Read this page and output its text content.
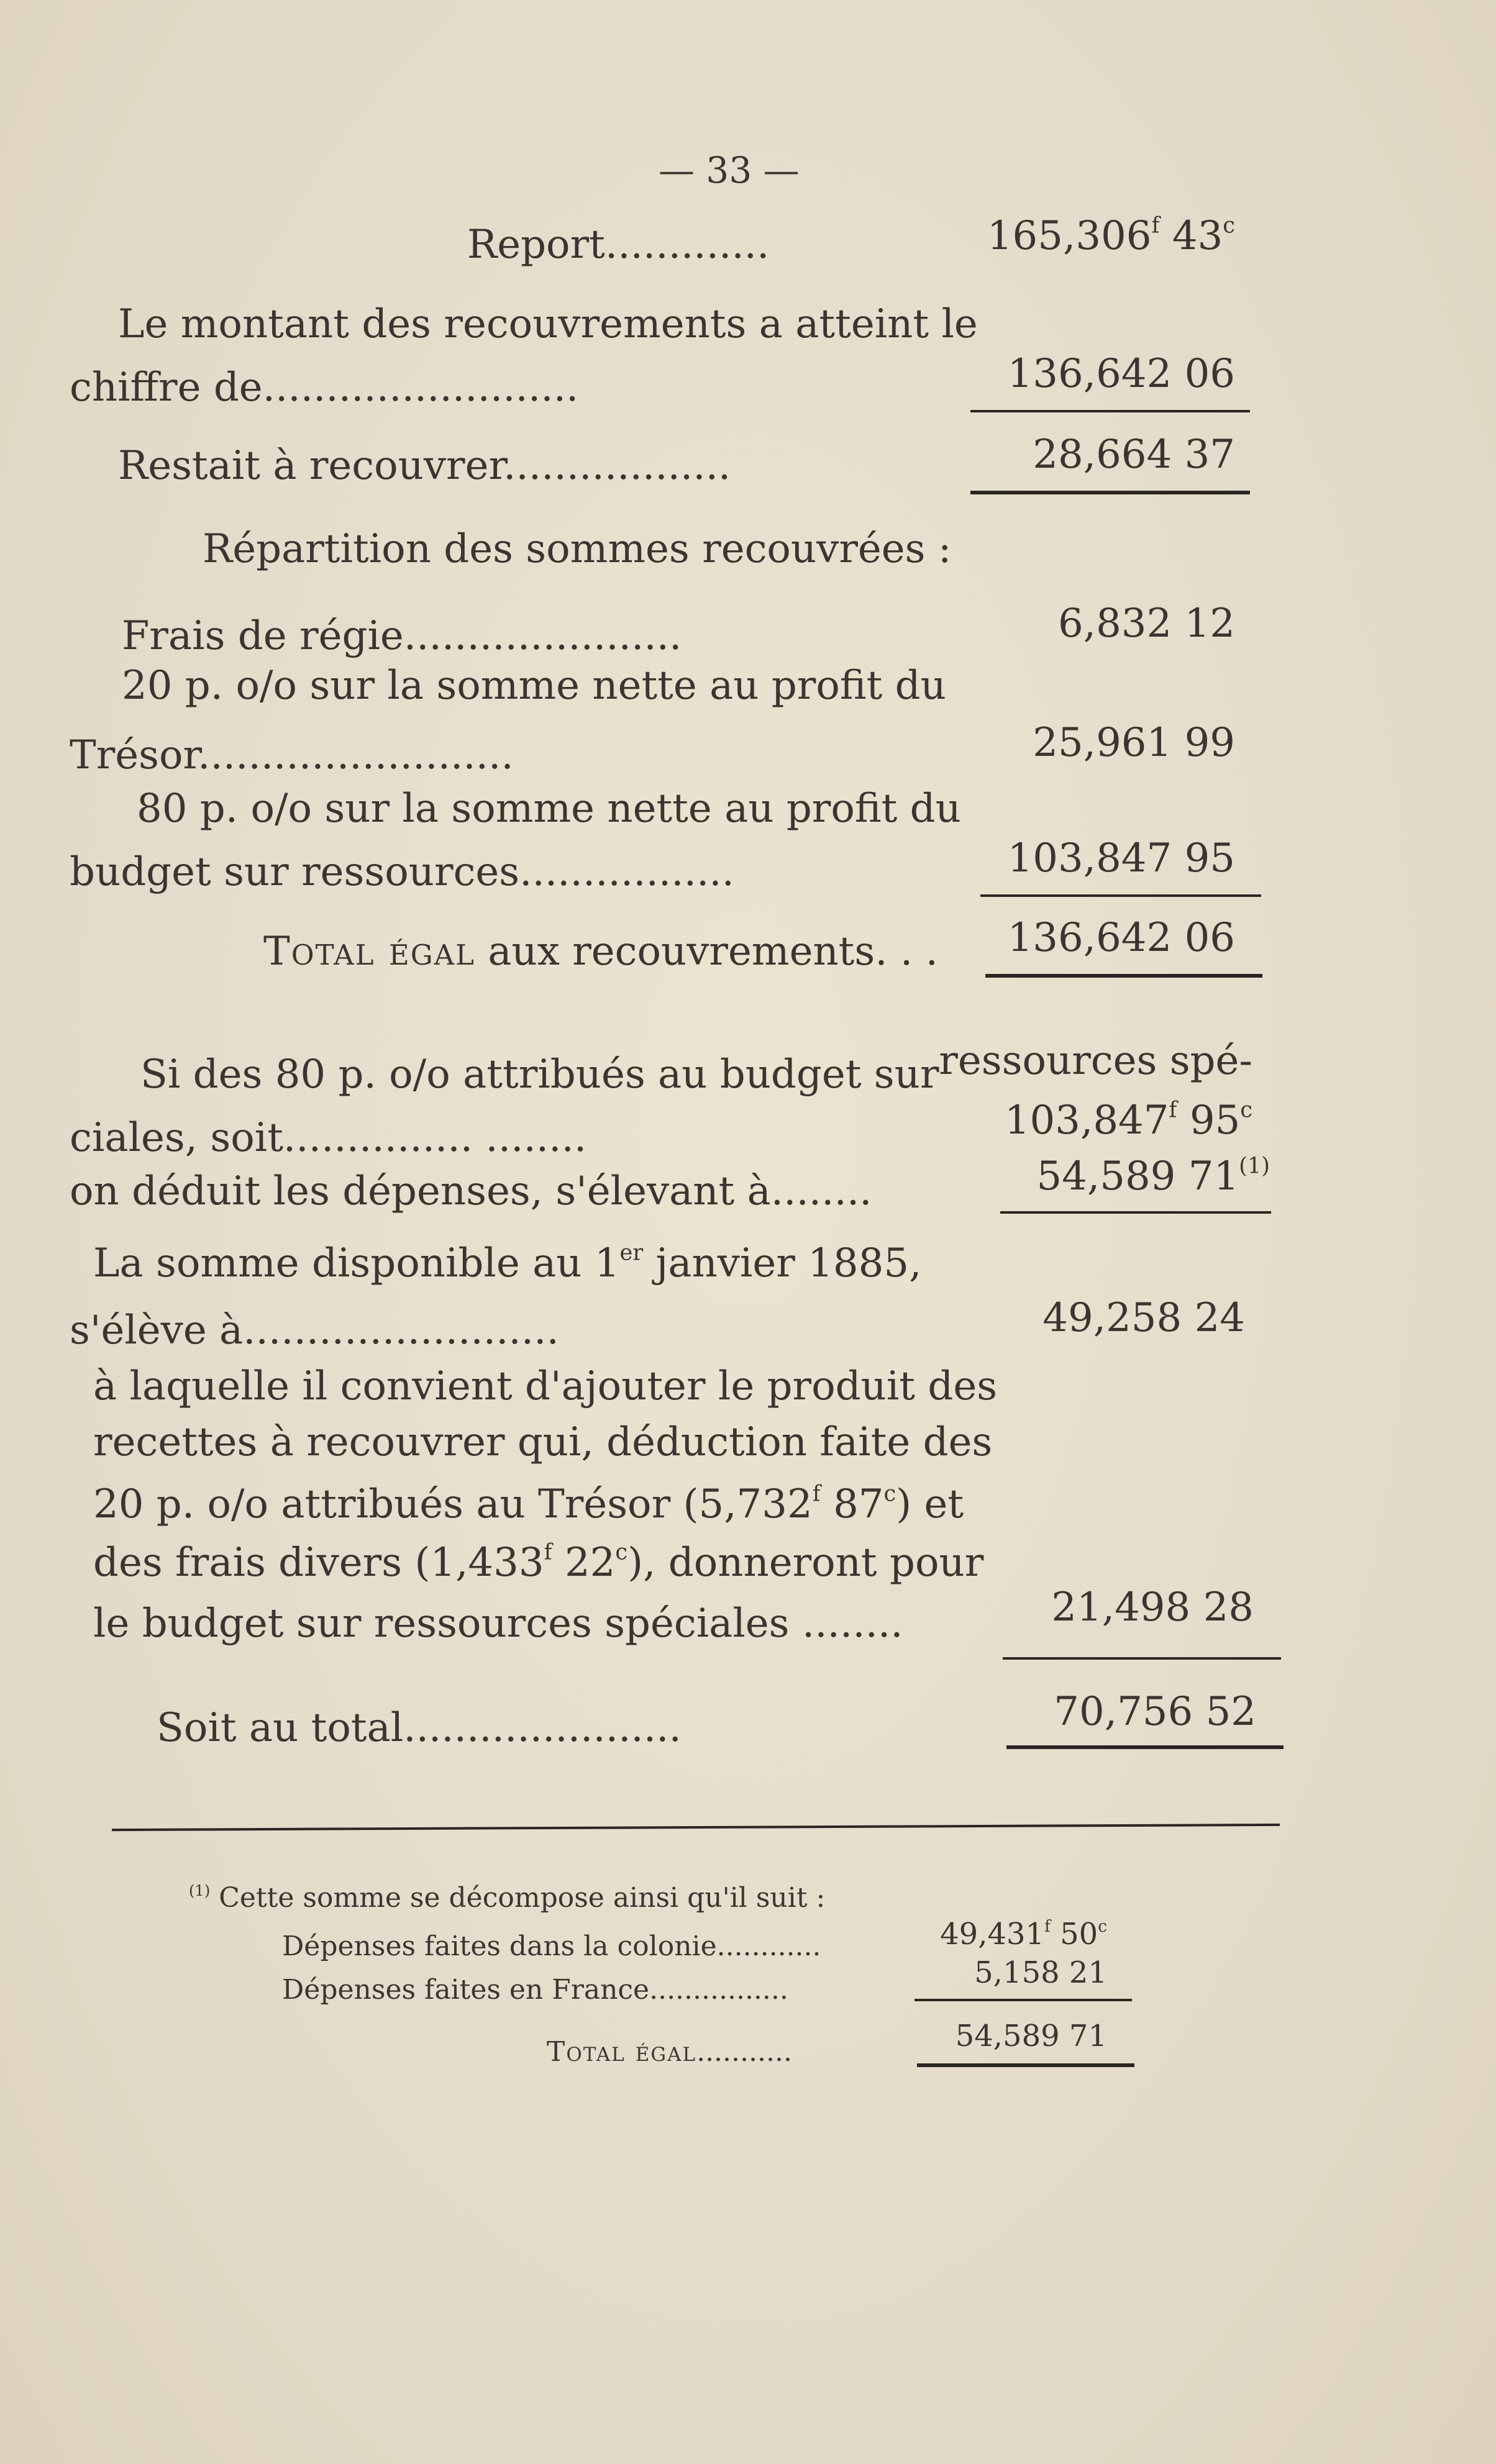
— 33 —
Report.............	165,306$^f$ 43$^c$
Le montant des recouvrements a atteint le
chiffre de.........................	136,642 06
Restait à recouvrer..................	28,664 37
Répartition des sommes recouvrées :
Frais de régie......................	6,832 12
20 p. o/o sur la somme nette au profit du
Trésor.........................	25,961 99
80 p. o/o sur la somme nette au profit du
budget sur ressources.................	103,847 95
Total égal aux recouvrements. . . 136,642 06
Si des 80 p. o/o attribués au budget sur ressources spé-
ciales, soit............... ........	103,847$^f$ 95$^c$
on déduit les dépenses, s'élevant à........	54,589 71$^{(1)}$
La somme disponible au 1er janvier 1885,
s'élève à.........................	49,258 24
à laquelle il convient d'ajouter le produit des
recettes à recouvrer qui, déduction faite des
20 p. o/o attribués au Trésor (5,732$^f$ 87$^c$) et
des frais divers (1,433$^f$ 22$^c$), donneront pour
le budget sur ressources spéciales ........	21,498 28
Soit au total......................	70,756 52
$^{(1)}$ Cette somme se décompose ainsi qu'il suit :
Dépenses faites dans la colonie............	49,431$^f$ 50$^c$
Dépenses faites en France................	5,158 21
Total égal...........	54,589 71
